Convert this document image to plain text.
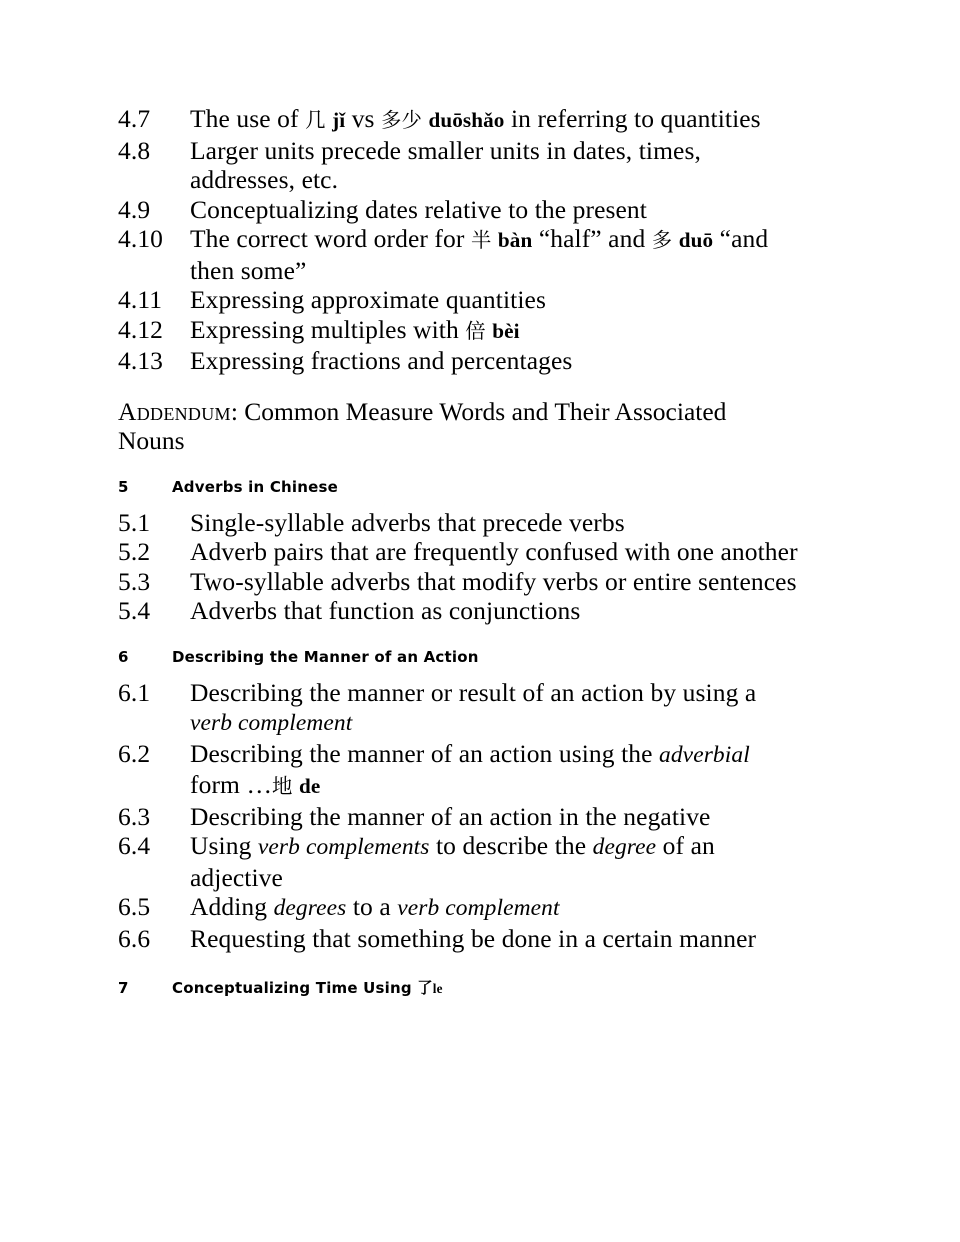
4.7	The use of 几 jǐ vs 多少 duōshǎo in referring to quantities
4.8	Larger units precede smaller units in dates, times, addresses, etc.
4.9	Conceptualizing dates relative to the present
4.10	The correct word order for 半 bàn “half” and 多 duō “and then some”
4.11	Expressing approximate quantities
4.12	Expressing multiples with 倍 bèi
4.13	Expressing fractions and percentages
Addendum: Common Measure Words and Their Associated Nouns
5	Adverbs in Chinese
5.1	Single-syllable adverbs that precede verbs
5.2	Adverb pairs that are frequently confused with one another
5.3	Two-syllable adverbs that modify verbs or entire sentences
5.4	Adverbs that function as conjunctions
6	Describing the Manner of an Action
6.1	Describing the manner or result of an action by using a verb complement
6.2	Describing the manner of an action using the adverbial form …地 de
6.3	Describing the manner of an action in the negative
6.4	Using verb complements to describe the degree of an adjective
6.5	Adding degrees to a verb complement
6.6	Requesting that something be done in a certain manner
7	Conceptualizing Time Using 了le
